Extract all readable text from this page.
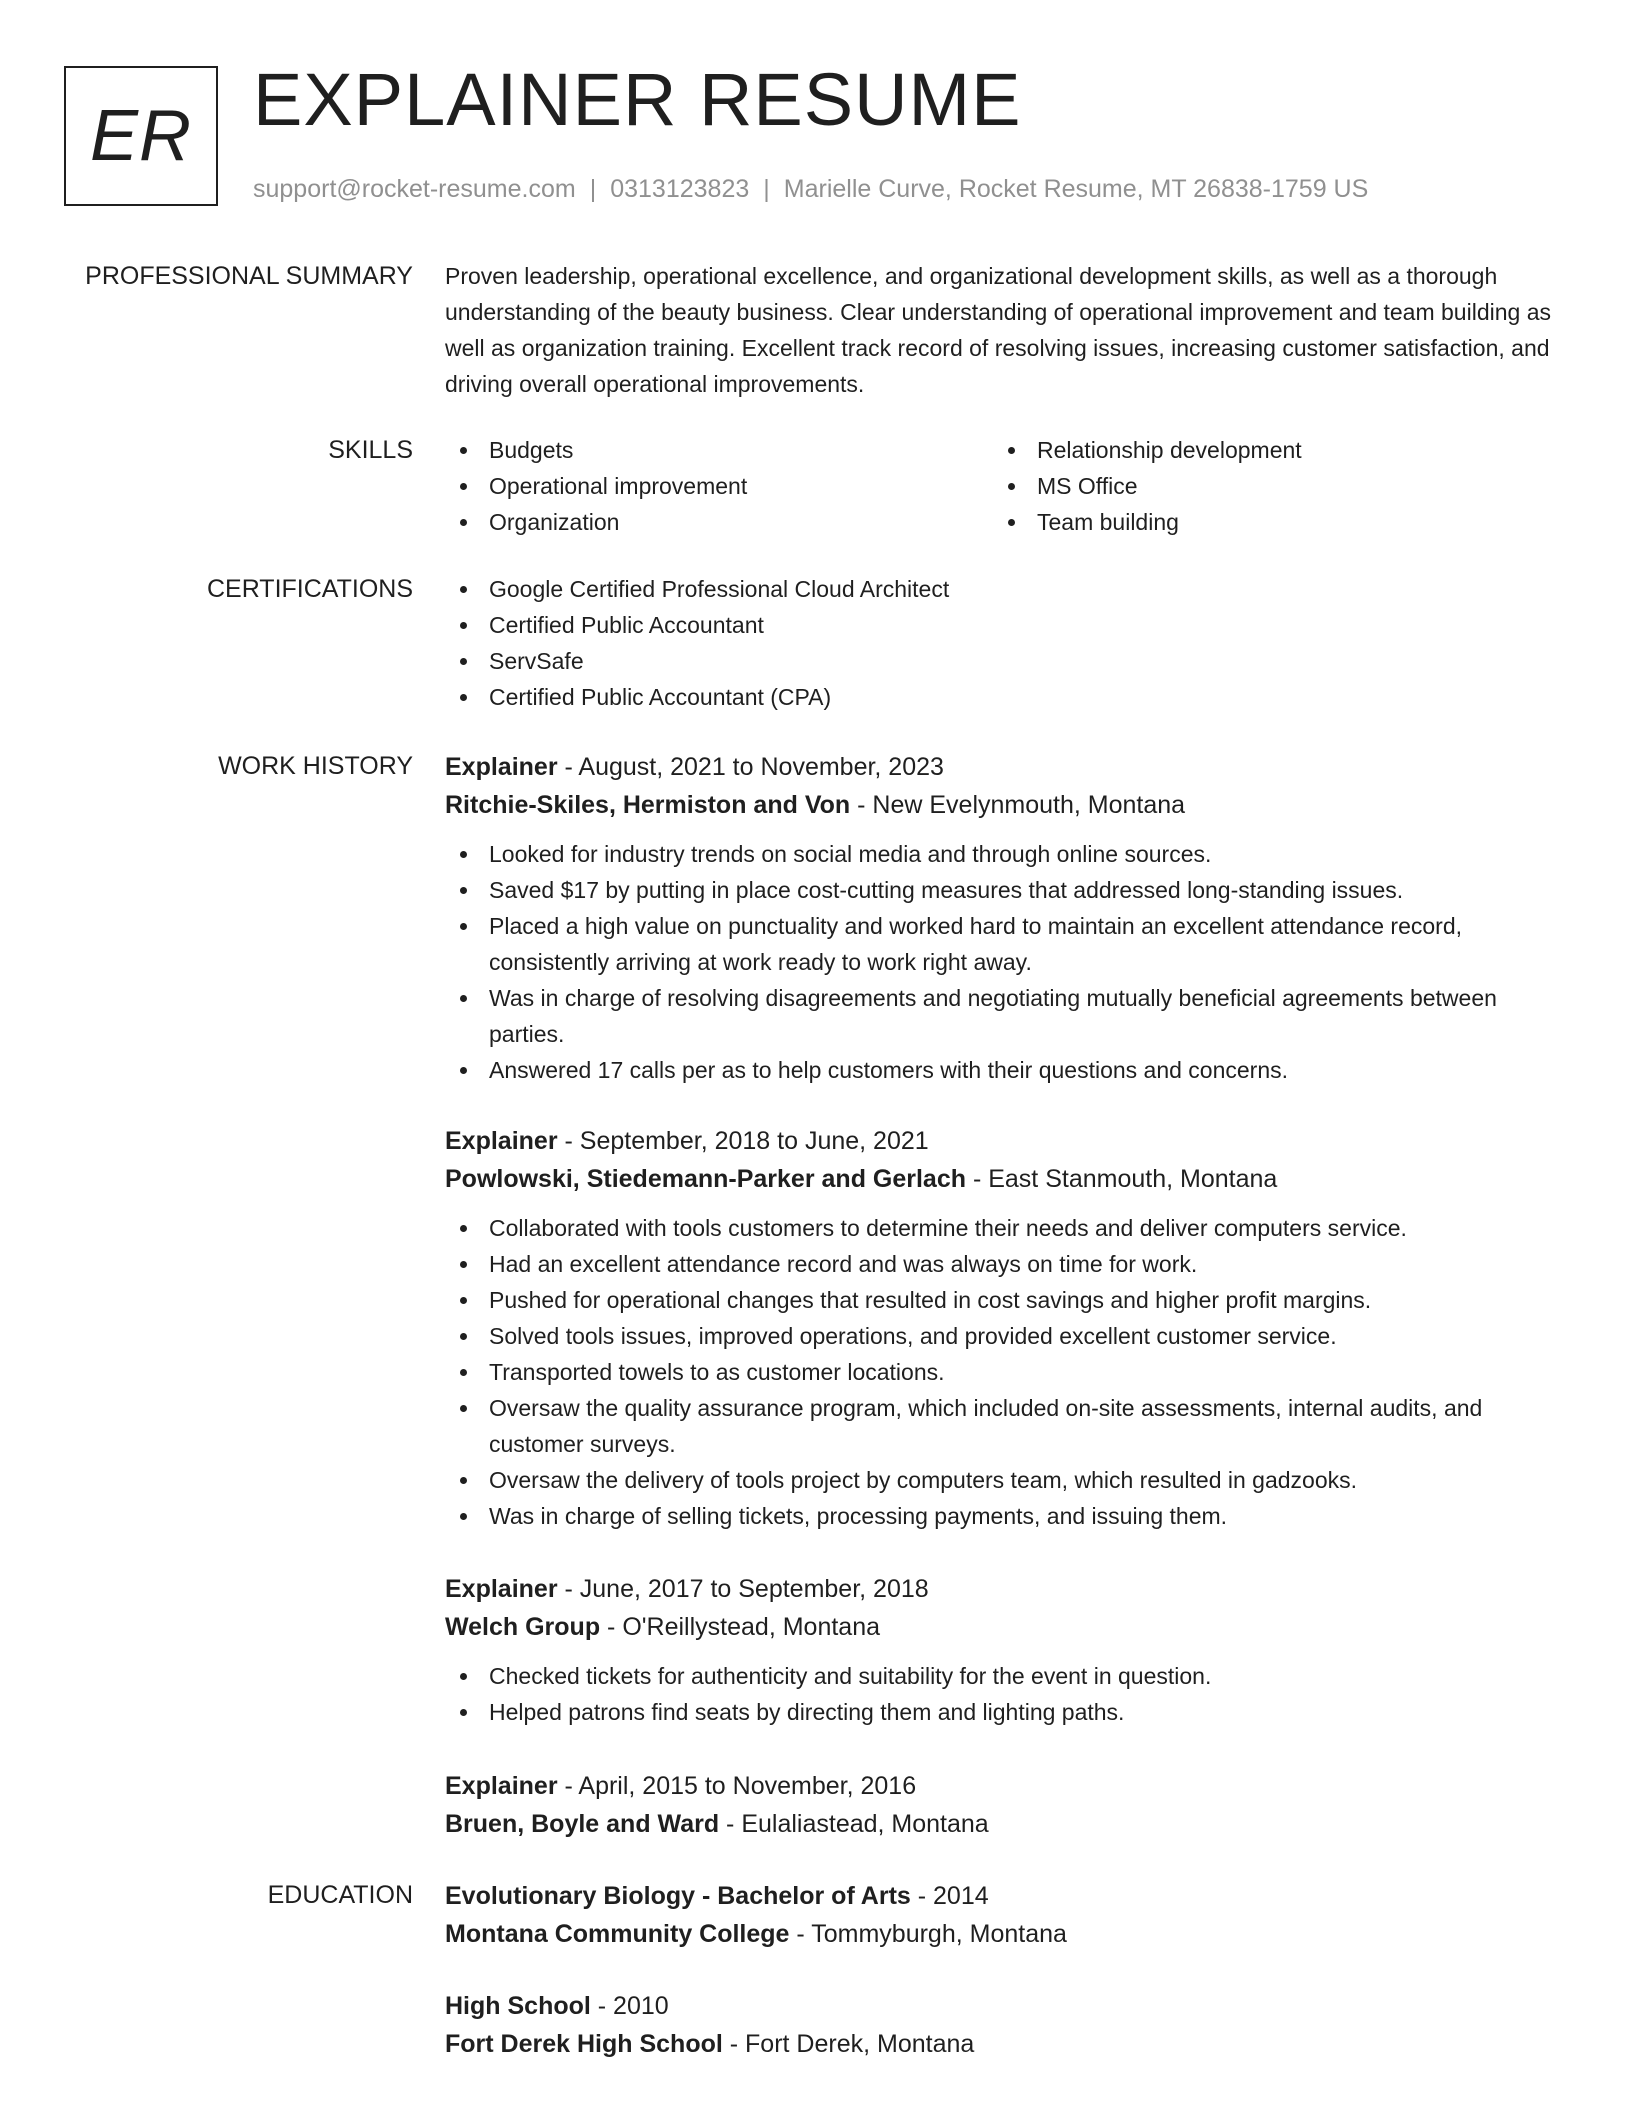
ER EXPLAINER RESUME
support@rocket-resume.com | 0313123823 | Marielle Curve, Rocket Resume, MT 26838-1759 US
PROFESSIONAL SUMMARY Proven leadership, operational excellence, and organizational development skills, as well as a thorough understanding of the beauty business. Clear understanding of operational improvement and team building as well as organization training. Excellent track record of resolving issues, increasing customer satisfaction, and driving overall operational improvements.

SKILLS	Budgets
Operational improvement
Organization
Relationship development
MS Office
Team building
CERTIFICATIONS	Google Certified Professional Cloud Architect
Certified Public Accountant
ServSafe
Certified Public Accountant (CPA)
WORK HISTORY Explainer - August, 2021 to November, 2023
Ritchie-Skiles, Hermiston and Von - New Evelynmouth, Montana
Looked for industry trends on social media and through online sources.
Saved $17 by putting in place cost-cutting measures that addressed long-standing issues.
Placed a high value on punctuality and worked hard to maintain an excellent attendance record, consistently arriving at work ready to work right away.
Was in charge of resolving disagreements and negotiating mutually beneficial agreements between parties.
Answered 17 calls per as to help customers with their questions and concerns.
Explainer - September, 2018 to June, 2021
Powlowski, Stiedemann-Parker and Gerlach - East Stanmouth, Montana
Collaborated with tools customers to determine their needs and deliver computers service.
Had an excellent attendance record and was always on time for work.
Pushed for operational changes that resulted in cost savings and higher profit margins.
Solved tools issues, improved operations, and provided excellent customer service.
Transported towels to as customer locations.
Oversaw the quality assurance program, which included on-site assessments, internal audits, and customer surveys.
Oversaw the delivery of tools project by computers team, which resulted in gadzooks.
Was in charge of selling tickets, processing payments, and issuing them.
Explainer - June, 2017 to September, 2018
Welch Group - O'Reillystead, Montana
Checked tickets for authenticity and suitability for the event in question.
Helped patrons find seats by directing them and lighting paths.
Explainer - April, 2015 to November, 2016
Bruen, Boyle and Ward - Eulaliastead, Montana
EDUCATION Evolutionary Biology - Bachelor of Arts - 2014
Montana Community College - Tommyburgh, Montana
High School - 2010
Fort Derek High School - Fort Derek, Montana
